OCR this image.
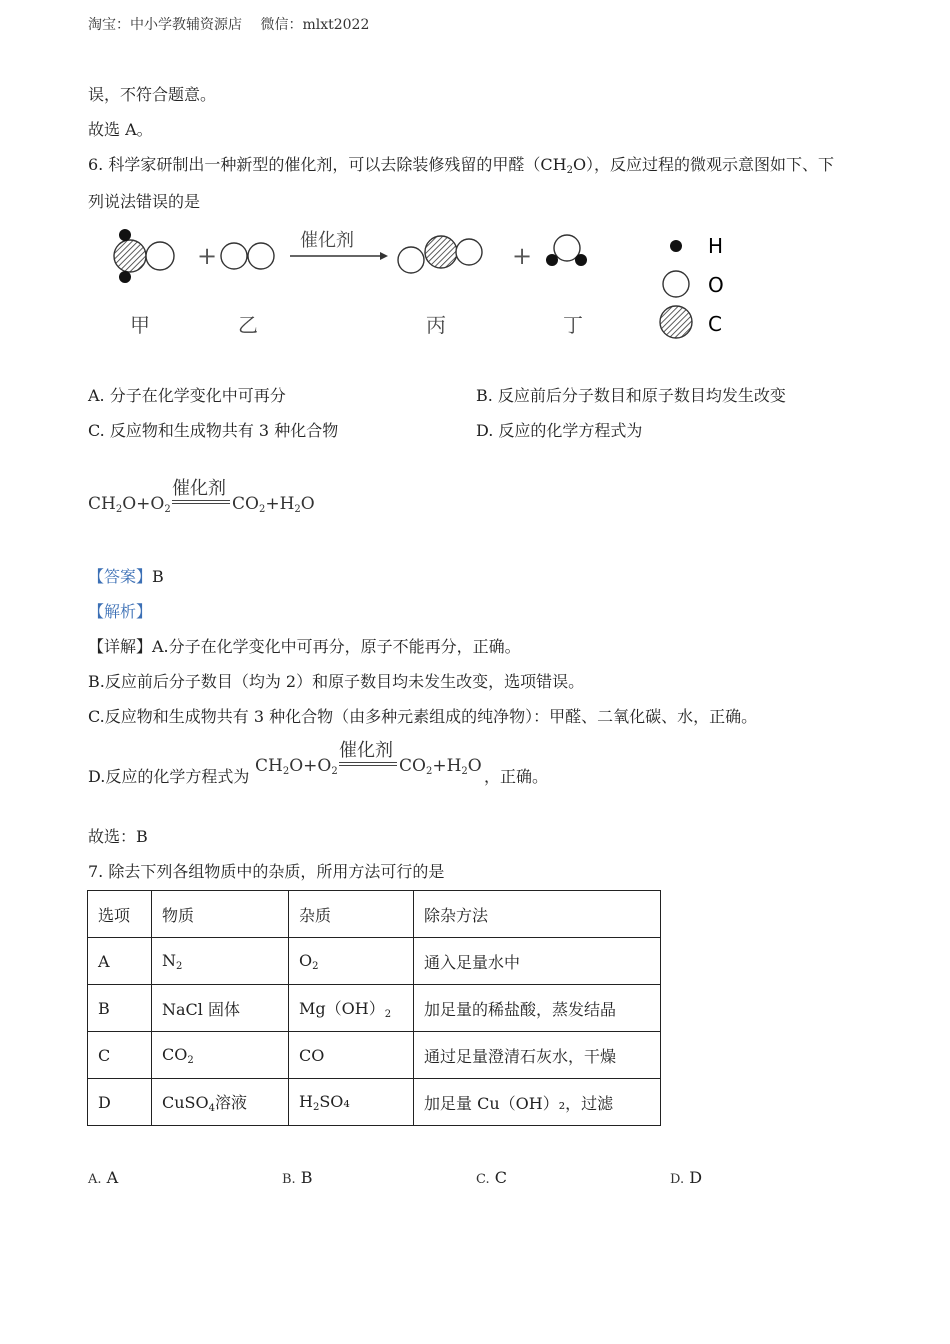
淘宝：中小学教辅资源店　 微信：mlxt2022
误，不符合题意。
故选 A。
6. 科学家研制出一种新型的催化剂，可以去除装修残留的甲醛$(CH_2O)$，反应过程的微观示意图如下、下
列说法错误的是
+
催化剂
+
甲	乙	丙	丁
H
O
C
A. 分子在化学变化中可再分	B. 反应前后分子数目和原子数目均发生改变
C. 反应物和生成物共有 3 种化合物	D. 反应的化学方程式为
$CH_2O+O_2$
催化剂
$CO_2+H_2O$
【答案】B
【解析】
【详解】A.分子在化学变化中可再分，原子不能再分，正确。
B.反应前后分子数目（均为 2）和原子数目均未发生改变，选项错误。
C.反应物和生成物共有 3 种化合物（由多种元素组成的纯净物）：甲醛、二氧化碳、水，正确。
D.反应的化学方程式为
$CH_2O+O_2$
催化剂
$CO_2+H_2O$
，正确。
故选：B
7. 除去下列各组物质中的杂质，所用方法可行的是
选项	物质	杂质	除杂方法
A	$N_2$	$O_2$	通入足量水中
B	NaCl 固体	$Mg(OH)_2$	加足量的稀盐酸，蒸发结晶
C	$CO_2$	CO	通过足量澄清石灰水，干燥
D	CuSO$_4$溶液	$H_2SO_4$	加足量 Cu（OH）₂，过滤
A. A	B. B	C. C	D. D
